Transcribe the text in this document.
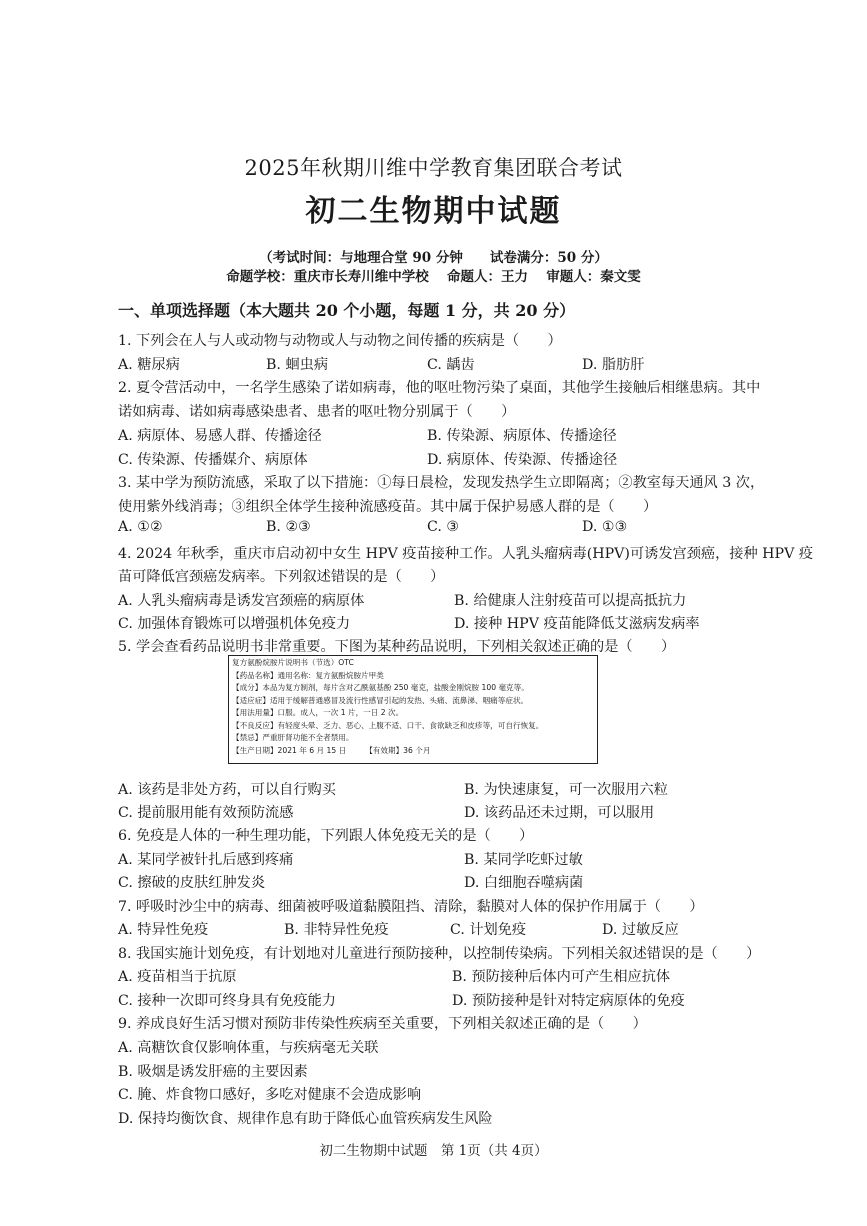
2025年秋期川维中学教育集团联合考试
初二生物期中试题
（考试时间：与地理合堂 90 分钟　　试卷满分：50 分）
命题学校：重庆市长寿川维中学校　 命题人：王力　 审题人：秦文雯
一、单项选择题（本大题共 20 个小题，每题 1 分，共 20 分）
1. 下列会在人与人或动物与动物或人与动物之间传播的疾病是（　　）
A. 糖尿病	B. 蛔虫病	C. 龋齿	D. 脂肪肝
2. 夏令营活动中，一名学生感染了诺如病毒，他的呕吐物污染了桌面，其他学生接触后相继患病。其中
诺如病毒、诺如病毒感染患者、患者的呕吐物分别属于（　　）
A. 病原体、易感人群、传播途径	B. 传染源、病原体、传播途径
C. 传染源、传播媒介、病原体	D. 病原体、传染源、传播途径
3. 某中学为预防流感，采取了以下措施：①每日晨检，发现发热学生立即隔离；②教室每天通风 3 次，
使用紫外线消毒；③组织全体学生接种流感疫苗。其中属于保护易感人群的是（　　）
A. ①②	B. ②③	C. ③	D. ①③
4. 2024 年秋季，重庆市启动初中女生 HPV 疫苗接种工作。人乳头瘤病毒(HPV)可诱发宫颈癌，接种 HPV 疫
苗可降低宫颈癌发病率。下列叙述错误的是（　　）
A. 人乳头瘤病毒是诱发宫颈癌的病原体	B. 给健康人注射疫苗可以提高抵抗力
C. 加强体育锻炼可以增强机体免疫力	D. 接种 HPV 疫苗能降低艾滋病发病率
5. 学会查看药品说明书非常重要。下图为某种药品说明，下列相关叙述正确的是（　　）
复方氨酚烷胺片说明书（节选）OTC
【药品名称】通用名称：复方氨酚烷胺片甲类
【成分】本品为复方制剂，每片含对乙酰氨基酚 250 毫克，盐酸金刚烷胺 100 毫克等。
【适应症】适用于缓解普通感冒及流行性感冒引起的发热、头痛、流鼻涕、咽痛等症状。
【用法用量】口服。成人，一次 1 片，一日 2 次。
【不良反应】有轻度头晕、乏力、恶心、上腹不适、口干、食欲缺乏和皮疹等，可自行恢复。
【禁忌】严重肝肾功能不全者禁用。
【生产日期】2021 年 6 月 15 日　　　【有效期】36 个月
A. 该药是非处方药，可以自行购买	B. 为快速康复，可一次服用六粒
C. 提前服用能有效预防流感	D. 该药品还未过期，可以服用
6. 免疫是人体的一种生理功能，下列跟人体免疫无关的是（　　）
A. 某同学被针扎后感到疼痛	B. 某同学吃虾过敏
C. 擦破的皮肤红肿发炎	D. 白细胞吞噬病菌
7. 呼吸时沙尘中的病毒、细菌被呼吸道黏膜阻挡、清除，黏膜对人体的保护作用属于（　　）
A. 特异性免疫	B. 非特异性免疫	C. 计划免疫	D. 过敏反应
8. 我国实施计划免疫，有计划地对儿童进行预防接种，以控制传染病。下列相关叙述错误的是（　　）
A. 疫苗相当于抗原	B. 预防接种后体内可产生相应抗体
C. 接种一次即可终身具有免疫能力	D. 预防接种是针对特定病原体的免疫
9. 养成良好生活习惯对预防非传染性疾病至关重要，下列相关叙述正确的是（　　）
A. 高糖饮食仅影响体重，与疾病毫无关联
B. 吸烟是诱发肝癌的主要因素
C. 腌、炸食物口感好，多吃对健康不会造成影响
D. 保持均衡饮食、规律作息有助于降低心血管疾病发生风险
初二生物期中试题　第 1页（共 4页）
